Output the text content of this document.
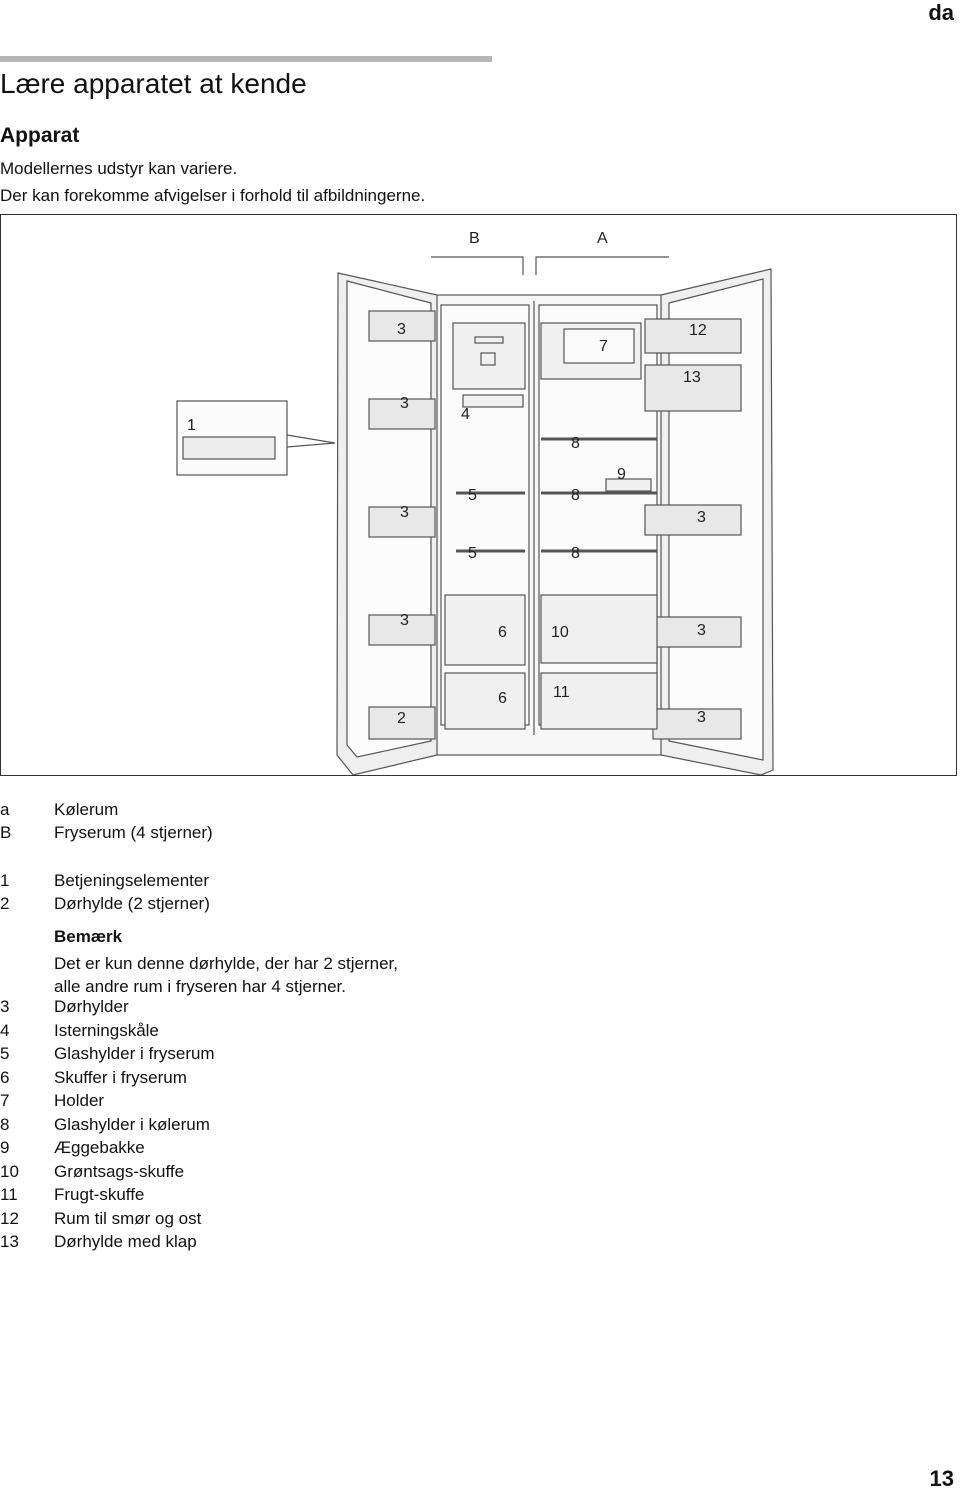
da
Lære apparatet at kende
Apparat
Modellernes udstyr kan variere.
Der kan forekomme afvigelser i forhold til afbildningerne.
B	A
1
2
3
3
3
3
3
3
3
4
5
5
6
6
7
8
8
8
9
10
11
12
13
a	Kølerum
B	Fryserum (4 stjerner)
1	Betjeningselementer
2	Dørhylde (2 stjerner)
Bemærk
Det er kun denne dørhylde, der har 2 stjerner,
alle andre rum i fryseren har 4 stjerner.
3	Dørhylder
4	Isterningskåle
5	Glashylder i fryserum
6	Skuffer i fryserum
7	Holder
8	Glashylder i kølerum
9	Æggebakke
10	Grøntsags-skuffe
11	Frugt-skuffe
12	Rum til smør og ost
13	Dørhylde med klap
13
